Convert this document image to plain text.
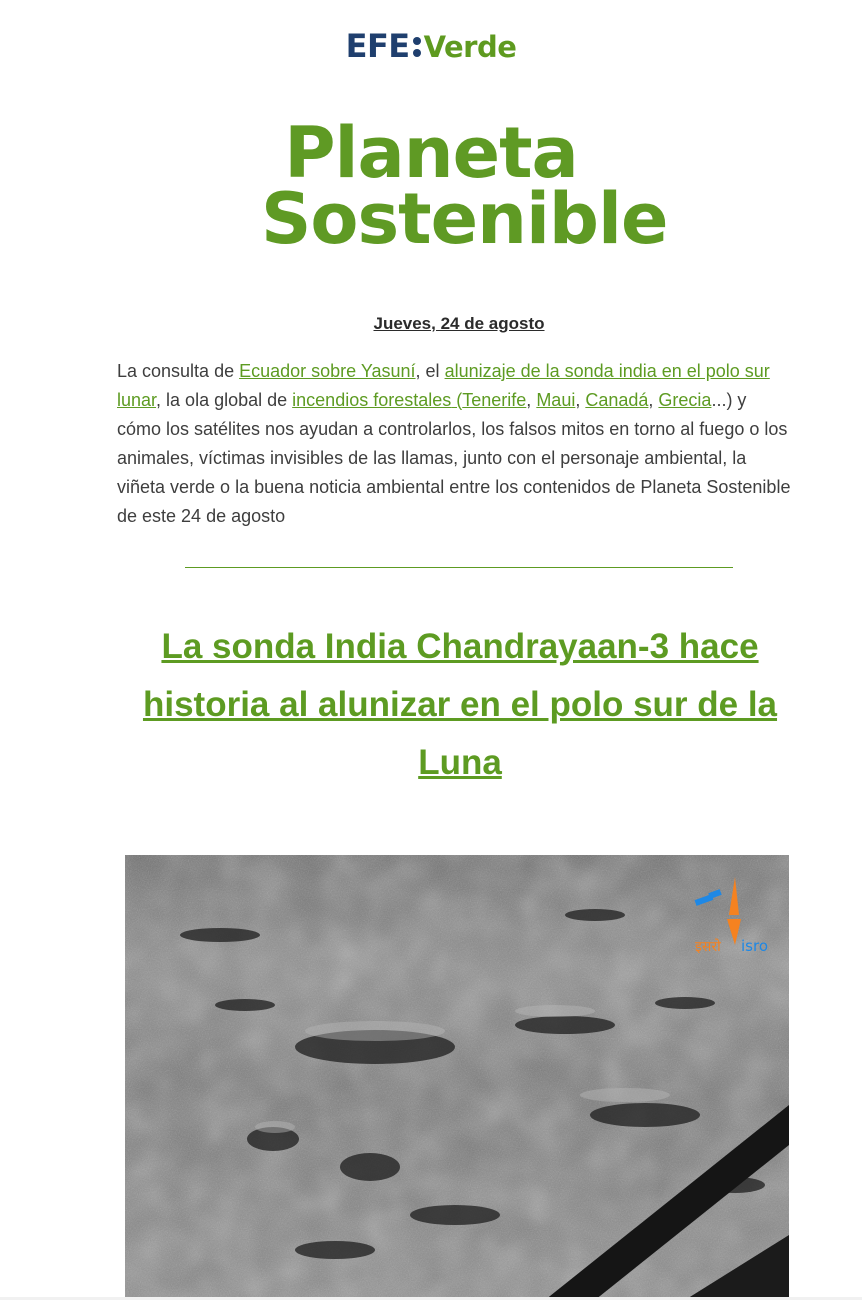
EFE Verde
Planeta Sostenible
Jueves, 24 de agosto
La consulta de Ecuador sobre Yasuní, el alunizaje de la sonda india en el polo sur lunar, la ola global de incendios forestales (Tenerife, Maui, Canadá, Grecia...) y cómo los satélites nos ayudan a controlarlos, los falsos mitos en torno al fuego o los animales, víctimas invisibles de las llamas, junto con el personaje ambiental, la viñeta verde o la buena noticia ambiental entre los contenidos de Planeta Sostenible de este 24 de agosto
La sonda India Chandrayaan-3 hace historia al alunizar en el polo sur de la Luna
इसरो isro
